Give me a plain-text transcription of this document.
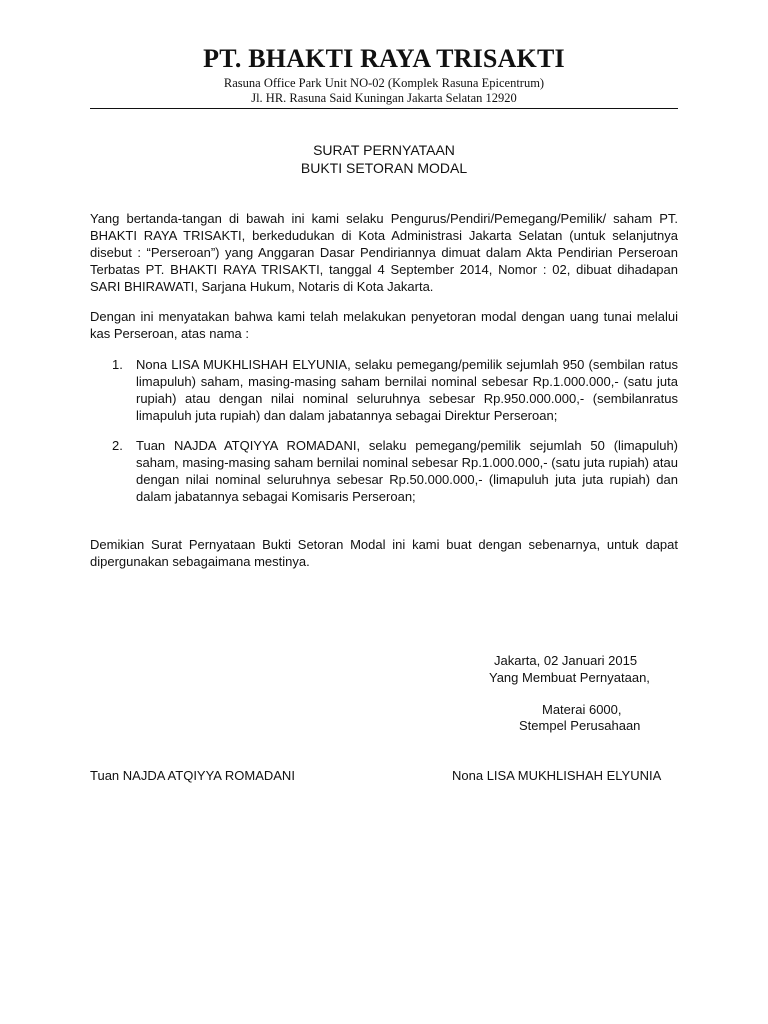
PT. BHAKTI RAYA TRISAKTI
Rasuna Office Park Unit NO-02 (Komplek Rasuna Epicentrum)
Jl. HR. Rasuna Said Kuningan Jakarta Selatan 12920
SURAT PERNYATAAN
BUKTI SETORAN MODAL

Yang bertanda-tangan di bawah ini kami selaku Pengurus/Pendiri/Pemegang/Pemilik/ saham PT. BHAKTI RAYA TRISAKTI, berkedudukan di Kota Administrasi Jakarta Selatan (untuk selanjutnya disebut : “Perseroan”) yang Anggaran Dasar Pendiriannya dimuat dalam Akta Pendirian Perseroan Terbatas PT. BHAKTI RAYA TRISAKTI, tanggal 4 September 2014, Nomor : 02, dibuat dihadapan SARI BHIRAWATI, Sarjana Hukum, Notaris di Kota Jakarta.

Dengan ini menyatakan bahwa kami telah melakukan penyetoran modal dengan uang tunai melalui kas Perseroan, atas nama :

1. Nona LISA MUKHLISHAH ELYUNIA, selaku pemegang/pemilik sejumlah 950 (sembilan ratus limapuluh) saham, masing-masing saham bernilai nominal sebesar Rp.1.000.000,- (satu juta rupiah) atau dengan nilai nominal seluruhnya sebesar Rp.950.000.000,- (sembilanratus limapuluh juta rupiah) dan dalam jabatannya sebagai Direktur Perseroan;

2. Tuan NAJDA ATQIYYA ROMADANI, selaku pemegang/pemilik sejumlah 50 (limapuluh) saham, masing-masing saham bernilai nominal sebesar Rp.1.000.000,- (satu juta rupiah) atau dengan nilai nominal seluruhnya sebesar Rp.50.000.000,- (limapuluh juta juta rupiah) dan dalam jabatannya sebagai Komisaris Perseroan;

Demikian Surat Pernyataan Bukti Setoran Modal ini kami buat dengan sebenarnya, untuk dapat dipergunakan sebagaimana mestinya.

Jakarta, 02 Januari 2015
Yang Membuat Pernyataan,
Materai 6000,
Stempel Perusahaan
Tuan NAJDA ATQIYYA ROMADANI	Nona LISA MUKHLISHAH ELYUNIA
